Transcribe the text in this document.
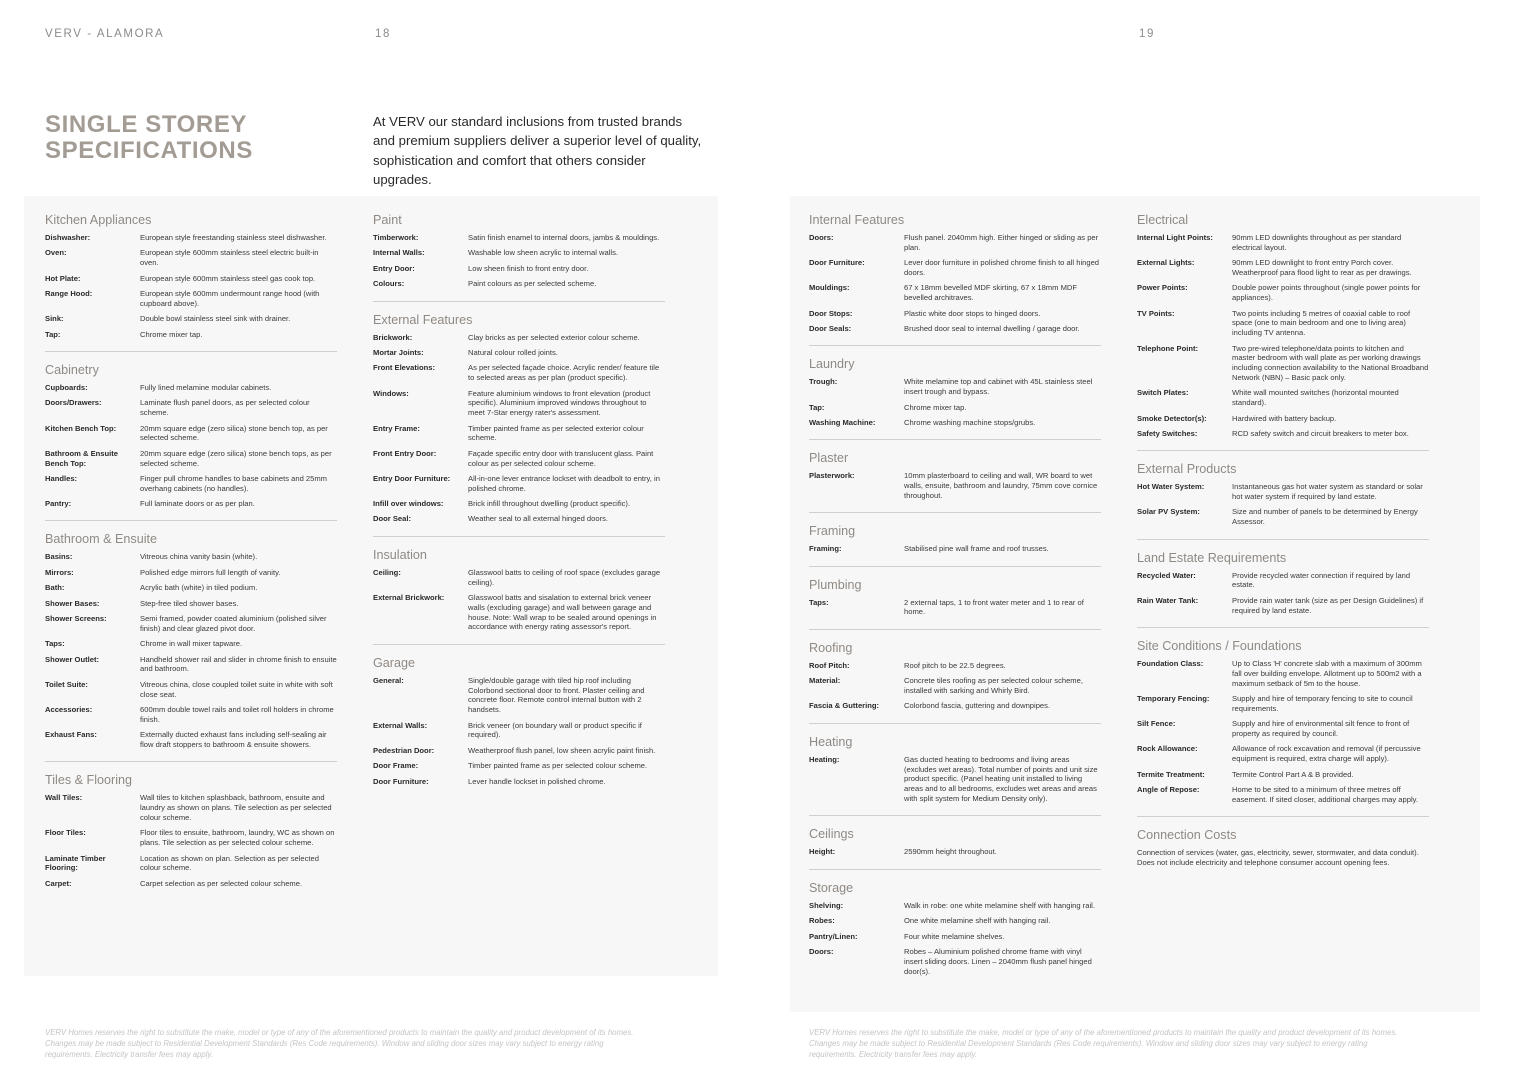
VERV - ALAMORA	18	19
SINGLE STOREY SPECIFICATIONS
At VERV our standard inclusions from trusted brands and premium suppliers deliver a superior level of quality, sophistication and comfort that others consider upgrades.
Kitchen Appliances
Dishwasher:	European style freestanding stainless steel dishwasher.
Oven:	European style 600mm stainless steel electric built-in oven.
Hot Plate:	European style 600mm stainless steel gas cook top.
Range Hood:	European style 600mm undermount range hood (with cupboard above).
Sink:	Double bowl stainless steel sink with drainer.
Tap:	Chrome mixer tap.
Cabinetry
Cupboards:	Fully lined melamine modular cabinets.
Doors/Drawers:	Laminate flush panel doors, as per selected colour scheme.
Kitchen Bench Top:	20mm square edge (zero silica) stone bench top, as per selected scheme.
Bathroom & Ensuite Bench Top:
20mm square edge (zero silica) stone bench tops, as per selected scheme.
Handles:	Finger pull chrome handles to base cabinets and 25mm overhang cabinets (no handles).
Pantry:	Full laminate doors or as per plan.
Bathroom & Ensuite
Basins:	Vitreous china vanity basin (white).
Mirrors:	Polished edge mirrors full length of vanity.
Bath:	Acrylic bath (white) in tiled podium.
Shower Bases:	Step-free tiled shower bases.
Shower Screens:	Semi framed, powder coated aluminium (polished silver finish) and clear glazed pivot door.
Taps:	Chrome in wall mixer tapware.
Shower Outlet:	Handheld shower rail and slider in chrome finish to ensuite and bathroom.
Toilet Suite:	Vitreous china, close coupled toilet suite in white with soft close seat.
Accessories:	600mm double towel rails and toilet roll holders in chrome finish.
Exhaust Fans:	Externally ducted exhaust fans including self-sealing air flow draft stoppers to bathroom & ensuite showers.
Tiles & Flooring
Wall Tiles:	Wall tiles to kitchen splashback, bathroom, ensuite and laundry as shown on plans. Tile selection as per selected colour scheme.
Floor Tiles:	Floor tiles to ensuite, bathroom, laundry, WC as shown on plans. Tile selection as per selected colour scheme.
Laminate Timber Flooring:
Location as shown on plan. Selection as per selected colour scheme.
Carpet:	Carpet selection as per selected colour scheme.
Paint
Timberwork:	Satin finish enamel to internal doors, jambs & mouldings.
Internal Walls:	Washable low sheen acrylic to internal walls.
Entry Door:	Low sheen finish to front entry door.
Colours:	Paint colours as per selected scheme.
External Features
Brickwork:	Clay bricks as per selected exterior colour scheme.
Mortar Joints:	Natural colour rolled joints.
Front Elevations:	As per selected façade choice. Acrylic render/ feature tile to selected areas as per plan (product specific).
Windows:	Feature aluminium windows to front elevation (product specific). Aluminium improved windows throughout to meet 7-Star energy rater's assessment.
Entry Frame:	Timber painted frame as per selected exterior colour scheme.
Front Entry Door:	Façade specific entry door with translucent glass. Paint colour as per selected colour scheme.
Entry Door Furniture:	All-in-one lever entrance lockset with deadbolt to entry, in polished chrome.
Infill over windows:	Brick infill throughout dwelling (product specific).
Door Seal:	Weather seal to all external hinged doors.
Insulation
Ceiling:	Glasswool batts to ceiling of roof space (excludes garage ceiling).
External Brickwork:	Glasswool batts and sisalation to external brick veneer walls (excluding garage) and wall between garage and house. Note: Wall wrap to be sealed around openings in accordance with energy rating assessor's report.
Garage
General:	Single/double garage with tiled hip roof including Colorbond sectional door to front. Plaster ceiling and concrete floor. Remote control internal button with 2 handsets.
External Walls:	Brick veneer (on boundary wall or product specific if required).
Pedestrian Door:	Weatherproof flush panel, low sheen acrylic paint finish.
Door Frame:	Timber painted frame as per selected colour scheme.
Door Furniture:	Lever handle lockset in polished chrome.
Internal Features
Doors:	Flush panel. 2040mm high. Either hinged or sliding as per plan.
Door Furniture:	Lever door furniture in polished chrome finish to all hinged doors.
Mouldings:	67 x 18mm bevelled MDF skirting, 67 x 18mm MDF bevelled architraves.
Door Stops:	Plastic white door stops to hinged doors.
Door Seals:	Brushed door seal to internal dwelling / garage door.
Laundry
Trough:	White melamine top and cabinet with 45L stainless steel insert trough and bypass.
Tap:	Chrome mixer tap.
Washing Machine:	Chrome washing machine stops/grubs.
Plaster
Plasterwork:	10mm plasterboard to ceiling and wall, WR board to wet walls, ensuite, bathroom and laundry, 75mm cove cornice throughout.
Framing
Framing:	Stabilised pine wall frame and roof trusses.
Plumbing
Taps:	2 external taps, 1 to front water meter and 1 to rear of home.
Roofing
Roof Pitch:	Roof pitch to be 22.5 degrees.
Material:	Concrete tiles roofing as per selected colour scheme, installed with sarking and Whirly Bird.
Fascia & Guttering:	Colorbond fascia, guttering and downpipes.
Heating
Heating:	Gas ducted heating to bedrooms and living areas (excludes wet areas). Total number of points and unit size product specific. (Panel heating unit installed to living areas and to all bedrooms, excludes wet areas and areas with split system for Medium Density only).
Ceilings
Height:	2590mm height throughout.
Storage
Shelving:	Walk in robe: one white melamine shelf with hanging rail.
Robes:	One white melamine shelf with hanging rail.
Pantry/Linen:	Four white melamine shelves.
Doors:	Robes – Aluminium polished chrome frame with vinyl insert sliding doors. Linen – 2040mm flush panel hinged door(s).
Electrical
Internal Light Points:	90mm LED downlights throughout as per standard electrical layout.
External Lights:	90mm LED downlight to front entry Porch cover. Weatherproof para flood light to rear as per drawings.
Power Points:	Double power points throughout (single power points for appliances).
TV Points:	Two points including 5 metres of coaxial cable to roof space (one to main bedroom and one to living area) including TV antenna.
Telephone Point:	Two pre-wired telephone/data points to kitchen and master bedroom with wall plate as per working drawings including connection availability to the National Broadband Network (NBN) – Basic pack only.
Switch Plates:	White wall mounted switches (horizontal mounted standard).
Smoke Detector(s):	Hardwired with battery backup.
Safety Switches:	RCD safety switch and circuit breakers to meter box.
External Products
Hot Water System:	Instantaneous gas hot water system as standard or solar hot water system if required by land estate.
Solar PV System:	Size and number of panels to be determined by Energy Assessor.
Land Estate Requirements
Recycled Water:	Provide recycled water connection if required by land estate.
Rain Water Tank:	Provide rain water tank (size as per Design Guidelines) if required by land estate.
Site Conditions / Foundations
Foundation Class:	Up to Class 'H' concrete slab with a maximum of 300mm fall over building envelope. Allotment up to 500m2 with a maximum setback of 5m to the house.
Temporary Fencing:	Supply and hire of temporary fencing to site to council requirements.
Silt Fence:	Supply and hire of environmental silt fence to front of property as required by council.
Rock Allowance:	Allowance of rock excavation and removal (if percussive equipment is required, extra charge will apply).
Termite Treatment:	Termite Control Part A & B provided.
Angle of Repose:	Home to be sited to a minimum of three metres off easement. If sited closer, additional charges may apply.
Connection Costs
Connection of services (water, gas, electricity, sewer, stormwater, and data conduit). Does not include electricity and telephone consumer account opening fees.
VERV Homes reserves the right to substitute the make, model or type of any of the aforementioned products to maintain the quality and product development of its homes. Changes may be made subject to Residential Development Standards (Res Code requirements). Window and sliding door sizes may vary subject to energy rating requirements. Electricity transfer fees may apply.
VERV Homes reserves the right to substitute the make, model or type of any of the aforementioned products to maintain the quality and product development of its homes. Changes may be made subject to Residential Development Standards (Res Code requirements). Window and sliding door sizes may vary subject to energy rating requirements. Electricity transfer fees may apply.
